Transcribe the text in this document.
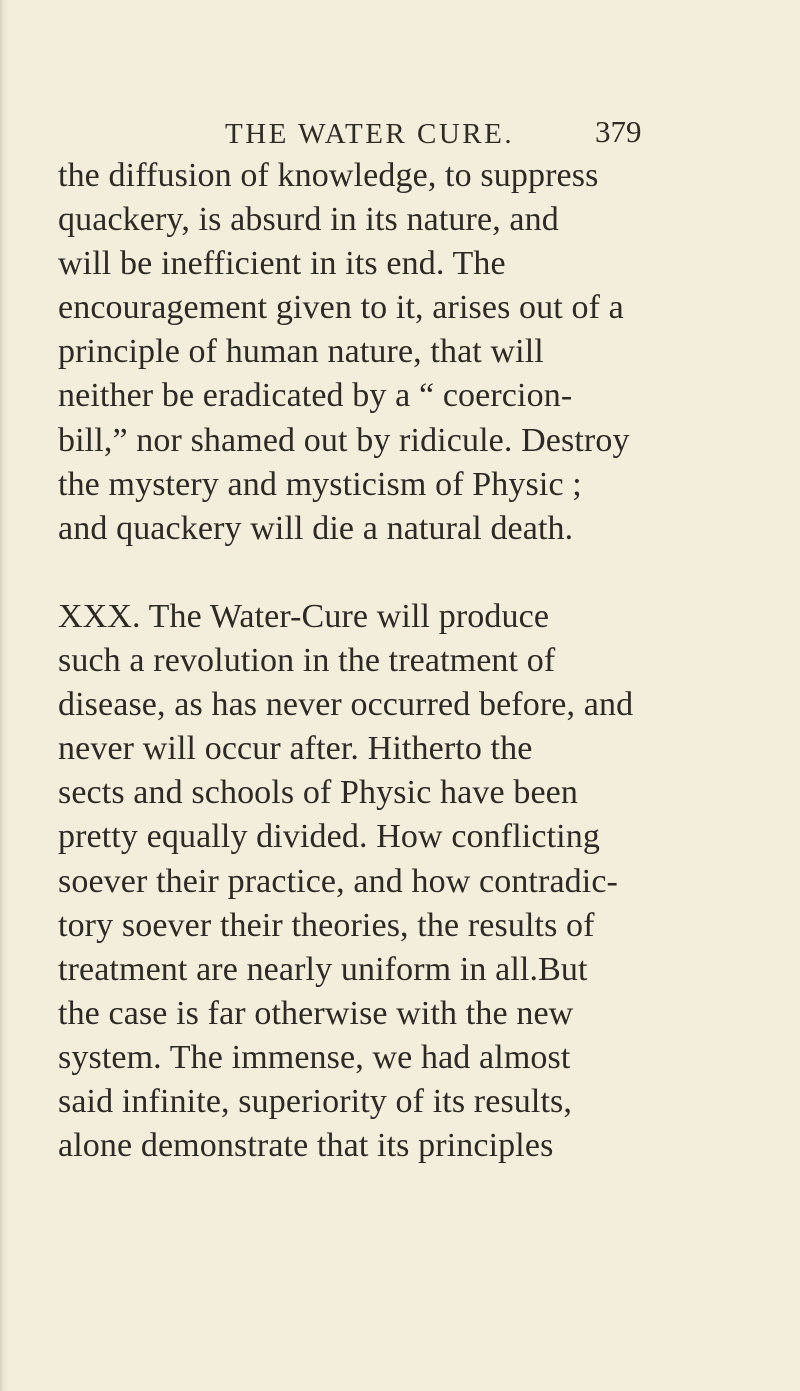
THE WATER CURE.	379
the diffusion of knowledge, to suppress
quackery, is absurd in its nature, and
will be inefficient in its end. The
encouragement given to it, arises out of a
principle of human nature, that will
neither be eradicated by a “ coercion-
bill,” nor shamed out by ridicule. Destroy
the mystery and mysticism of Physic ;
and quackery will die a natural death.
XXX. The Water-Cure will produce
such a revolution in the treatment of
disease, as has never occurred before, and
never will occur after. Hitherto the
sects and schools of Physic have been
pretty equally divided. How conflicting
soever their practice, and how contradic-
tory soever their theories, the results of
treatment are nearly uniform in all.But
the case is far otherwise with the new
system. The immense, we had almost
said infinite, superiority of its results,
alone demonstrate that its principles
